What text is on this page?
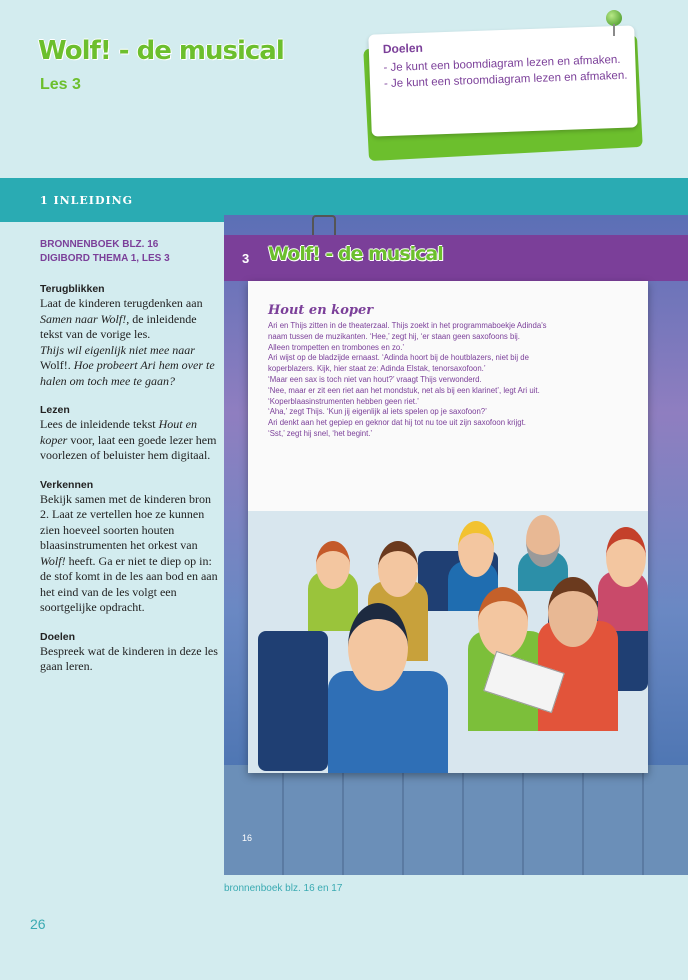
Wolf! - de musical
Les 3
Doelen
- Je kunt een boomdiagram lezen en afmaken.
- Je kunt een stroomdiagram lezen en afmaken.
1 INLEIDING
BRONNENBOEK BLZ. 16
DIGIBORD THEMA 1, LES 3
Terugblikken

Laat de kinderen terugdenken aan Samen naar Wolf!, de inleidende tekst van de vorige les.
Thijs wil eigenlijk niet mee naar Wolf!. Hoe probeert Ari hem over te halen om toch mee te gaan?

Lezen

Lees de inleidende tekst Hout en koper voor, laat een goede lezer hem voorlezen of beluister hem digitaal.

Verkennen

Bekijk samen met de kinderen bron 2. Laat ze vertellen hoe ze kunnen zien hoeveel soorten houten blaasinstrumenten het orkest van Wolf! heeft. Ga er niet te diep op in: de stof komt in de les aan bod en aan het eind van de les volgt een soortgelijke opdracht.

Doelen

Bespreek wat de kinderen in deze les gaan leren.

3 Wolf! - de musical
Hout en koper

Ari en Thijs zitten in de theaterzaal. Thijs zoekt in het programmaboekje Adinda's

naam tussen de muzikanten. ‘Hee,’ zegt hij, ‘er staan geen saxofoons bij.

Alleen trompetten en trombones en zo.’

Ari wijst op de bladzijde ernaast. ‘Adinda hoort bij de houtblazers, niet bij de

koperblazers. Kijk, hier staat ze: Adinda Elstak, tenorsaxofoon.’

‘Maar een sax is toch niet van hout?’ vraagt Thijs verwonderd.

‘Nee, maar er zit een riet aan het mondstuk, net als bij een klarinet’, legt Ari uit.

‘Koperblaasinstrumenten hebben geen riet.’

‘Aha,’ zegt Thijs. ‘Kun jij eigenlijk al iets spelen op je saxofoon?’

Ari denkt aan het gepiep en geknor dat hij tot nu toe uit zijn saxofoon krijgt.

‘Sst,’ zegt hij snel, ‘het begint.’

16
bronnenboek blz. 16 en 17
26
